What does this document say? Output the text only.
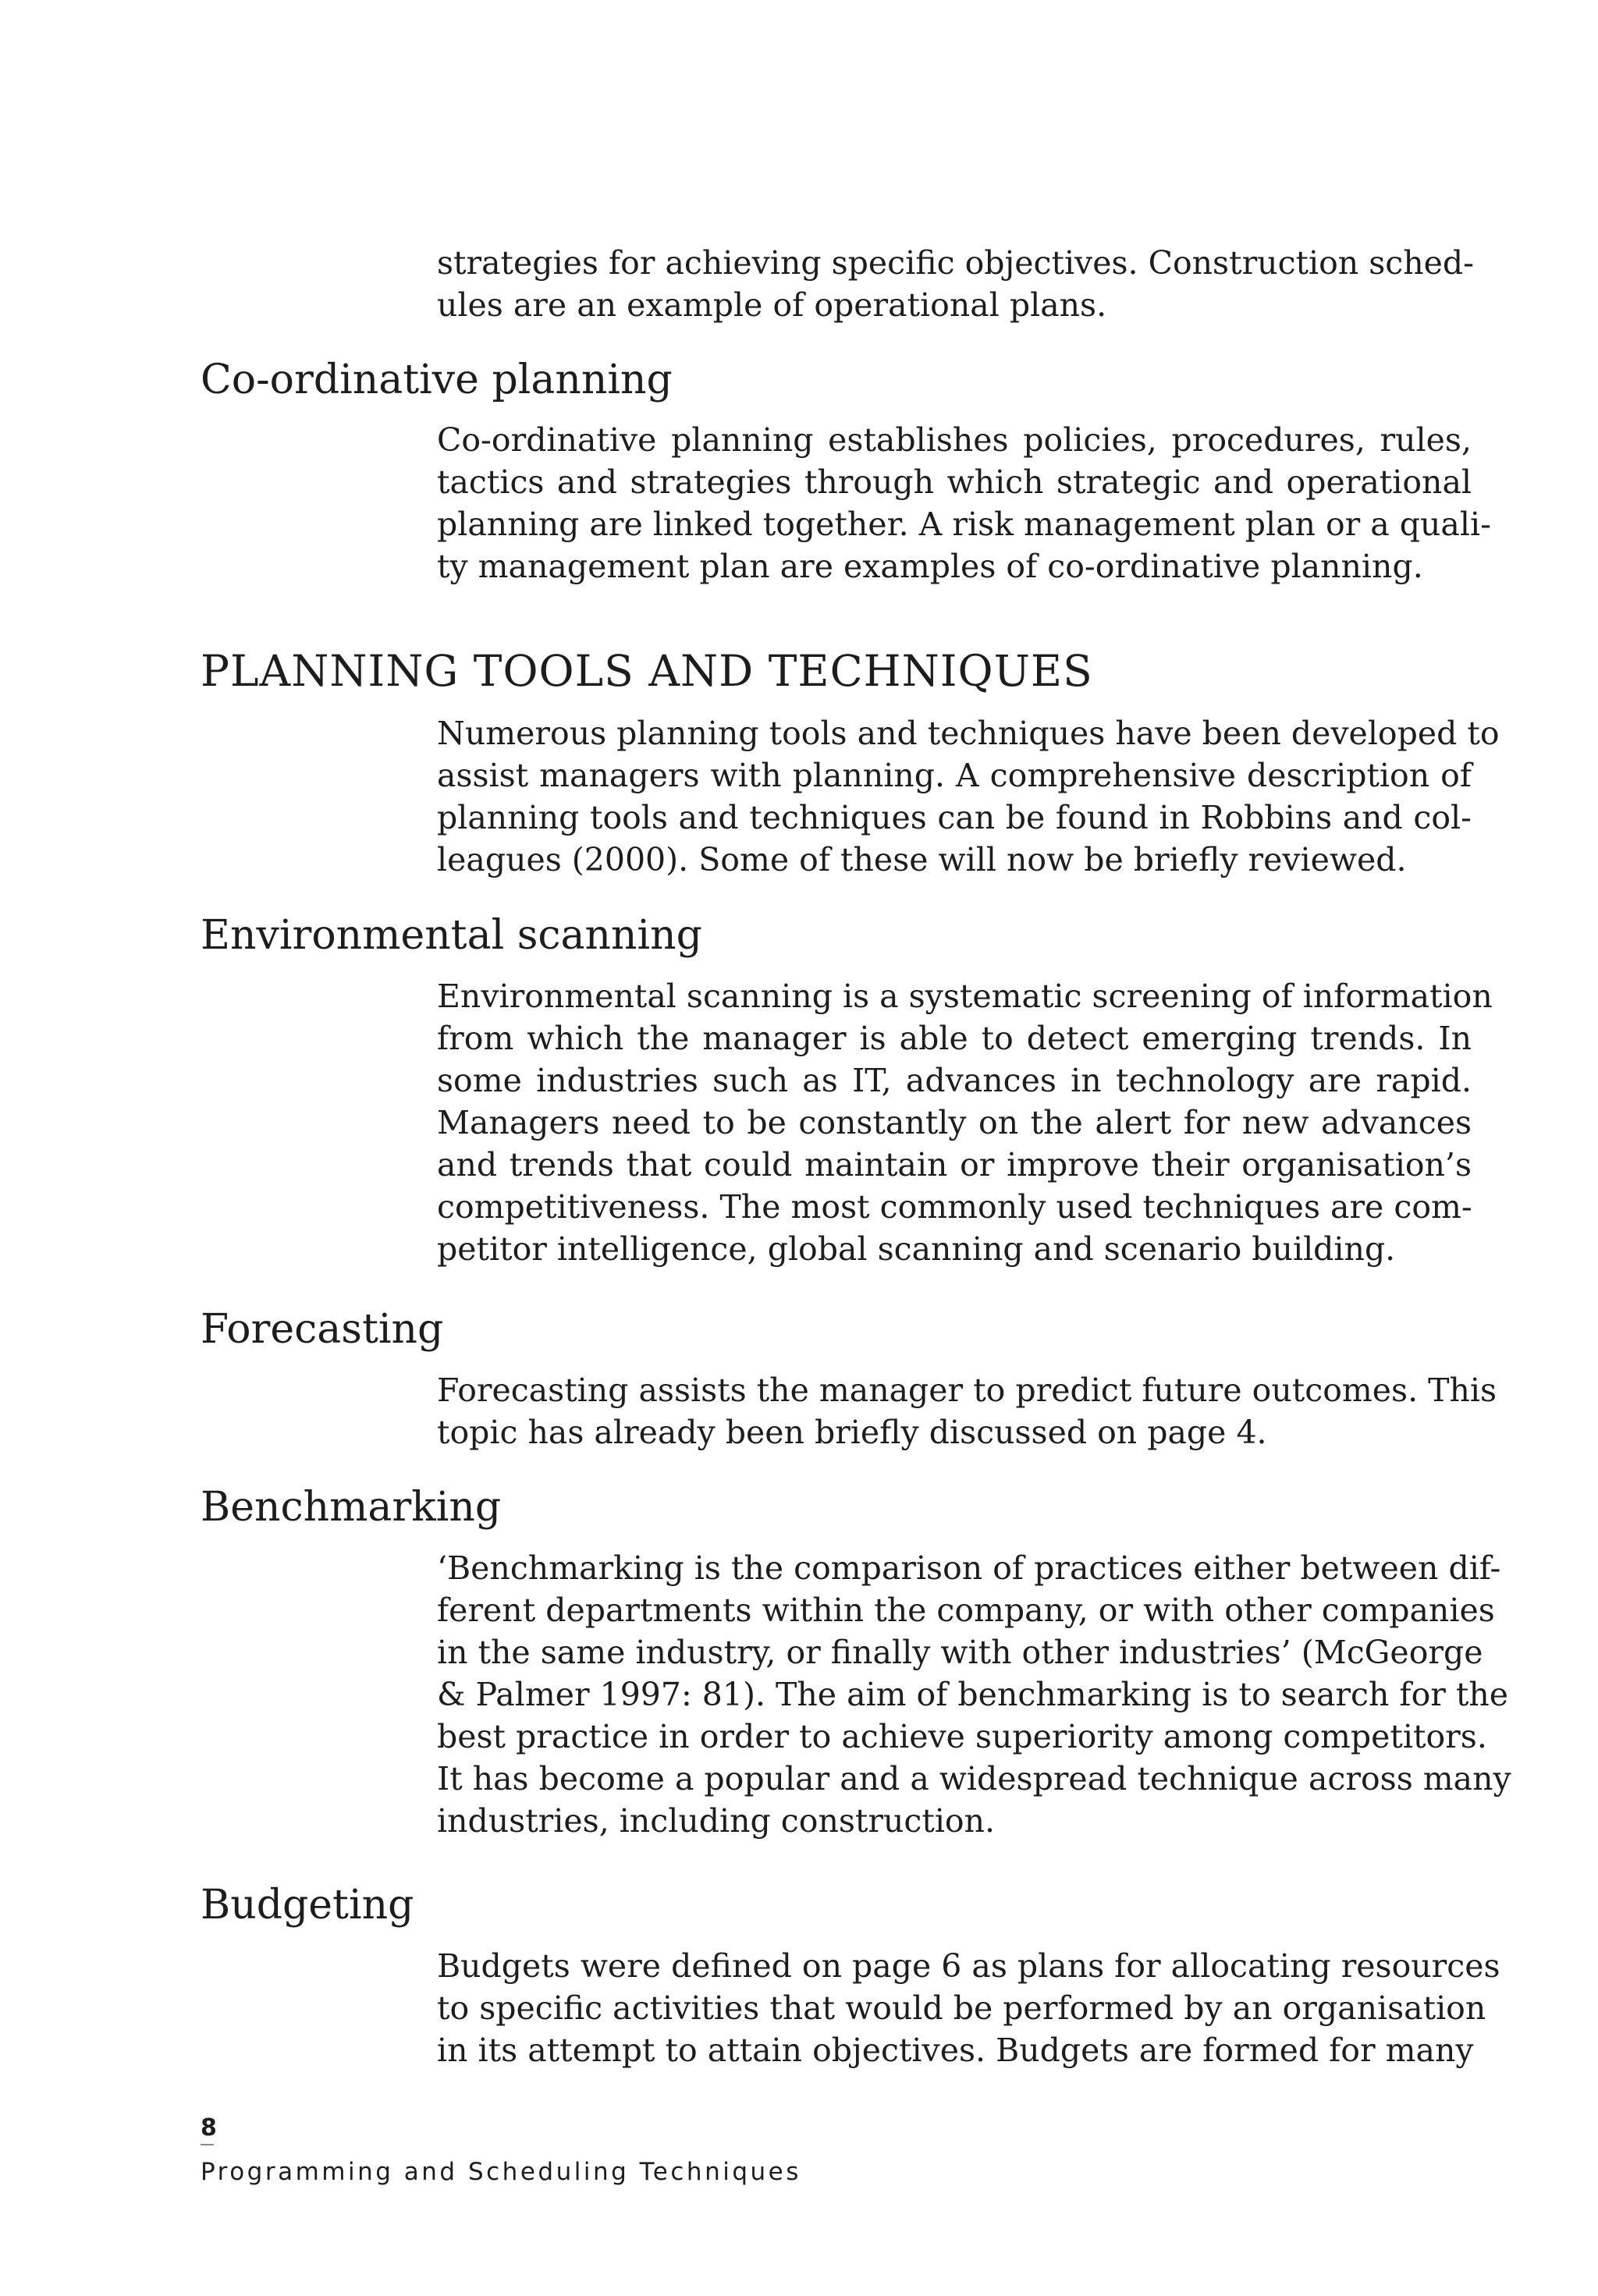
strategies for achieving specific objectives. Construction sched-
ules are an example of operational plans.
Co-ordinative planning
Co-ordinative planning establishes policies, procedures, rules,
tactics and strategies through which strategic and operational
planning are linked together. A risk management plan or a quali-
ty management plan are examples of co-ordinative planning.
PLANNING TOOLS AND TECHNIQUES
Numerous planning tools and techniques have been developed to
assist managers with planning. A comprehensive description of
planning tools and techniques can be found in Robbins and col-
leagues (2000). Some of these will now be briefly reviewed.
Environmental scanning
Environmental scanning is a systematic screening of information
from which the manager is able to detect emerging trends. In
some industries such as IT, advances in technology are rapid.
Managers need to be constantly on the alert for new advances
and trends that could maintain or improve their organisation’s
competitiveness. The most commonly used techniques are com-
petitor intelligence, global scanning and scenario building.
Forecasting
Forecasting assists the manager to predict future outcomes. This
topic has already been briefly discussed on page 4.
Benchmarking
‘Benchmarking is the comparison of practices either between dif-
ferent departments within the company, or with other companies
in the same industry, or finally with other industries’ (McGeorge
& Palmer 1997: 81). The aim of benchmarking is to search for the
best practice in order to achieve superiority among competitors.
It has become a popular and a widespread technique across many
industries, including construction.
Budgeting
Budgets were defined on page 6 as plans for allocating resources
to specific activities that would be performed by an organisation
in its attempt to attain objectives. Budgets are formed for many
8
Programming and Scheduling Techniques
